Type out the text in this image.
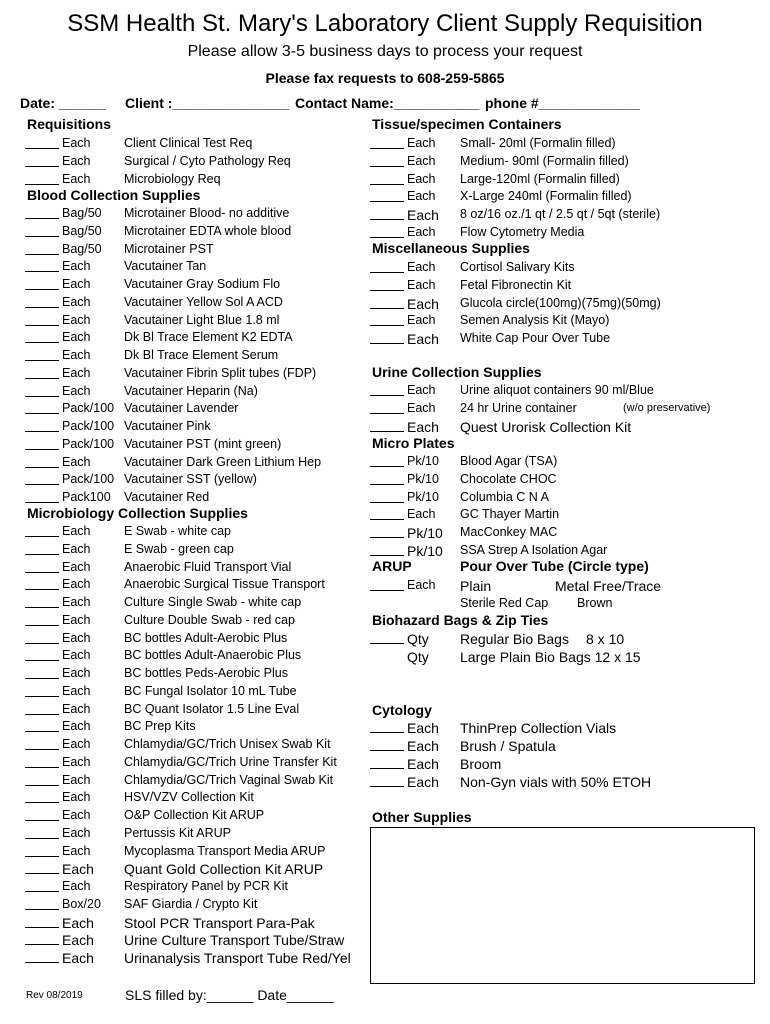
SSM Health St. Mary's Laboratory Client Supply Requisition
Please allow 3-5 business days to process your request
Please fax requests to 608-259-5865
Date: ______ Client :_______________ Contact Name:___________ phone #_____________
Requisitions
Each	Client Clinical Test Req
Each	Surgical / Cyto Pathology Req
Each	Microbiology Req
Blood Collection Supplies
Bag/50 Microtainer Blood- no additive
Bag/50 Microtainer EDTA whole blood
Bag/50 Microtainer PST
Each	Vacutainer Tan
Each	Vacutainer Gray Sodium Flo
Each	Vacutainer Yellow Sol A ACD
Each	Vacutainer Light Blue 1.8 ml
Each	Dk Bl Trace Element K2 EDTA
Each	Dk Bl Trace Element Serum
Each	Vacutainer Fibrin Split tubes (FDP)
Each	Vacutainer Heparin (Na)
Pack/100 Vacutainer Lavender
Pack/100 Vacutainer Pink
Pack/100 Vacutainer PST (mint green)
Each	Vacutainer Dark Green Lithium Hep
Pack/100 Vacutainer SST (yellow)
Pack100 Vacutainer Red
Microbiology Collection Supplies
Each	E Swab - white cap
Each	E Swab - green cap
Each	Anaerobic Fluid Transport Vial
Each	Anaerobic Surgical Tissue Transport
Each	Culture Single Swab - white cap
Each	Culture Double Swab - red cap
Each	BC bottles Adult-Aerobic Plus
Each	BC bottles Adult-Anaerobic Plus
Each	BC bottles Peds-Aerobic Plus
Each	BC Fungal Isolator 10 mL Tube
Each	BC Quant Isolator 1.5 Line Eval
Each	BC Prep Kits
Each	Chlamydia/GC/Trich Unisex Swab Kit
Each	Chlamydia/GC/Trich Urine Transfer Kit
Each	Chlamydia/GC/Trich Vaginal Swab Kit
Each	HSV/VZV Collection Kit
Each	O&P Collection Kit ARUP
Each	Pertussis Kit ARUP
Each	Mycoplasma Transport Media ARUP
Each Quant Gold Collection Kit ARUP
Each	Respiratory Panel by PCR Kit
Box/20 SAF Giardia / Crypto Kit
Each Stool PCR Transport Para-Pak
Each Urine Culture Transport Tube/Straw
Each Urinanalysis Transport Tube Red/Yel
Tissue/specimen Containers
Each Small- 20ml (Formalin filled)
Each Medium- 90ml (Formalin filled)
Each Large-120ml (Formalin filled)
Each X-Large 240ml (Formalin filled)
Each 8 oz/16 oz./1 qt / 2.5 qt / 5qt (sterile)
Each Flow Cytometry Media
Miscellaneous Supplies
Each Cortisol Salivary Kits
Each Fetal Fibronectin Kit
Each Glucola circle(100mg)(75mg)(50mg)
Each Semen Analysis Kit (Mayo)
Each White Cap Pour Over Tube
Urine Collection Supplies
Each Urine aliquot containers 90 ml/Blue
Each 24 hr Urine container	(w/o preservative)
Each Quest Urorisk Collection Kit
Micro Plates
Pk/10 Blood Agar (TSA)
Pk/10 Chocolate CHOC
Pk/10 Columbia C N A
Each GC Thayer Martin
Pk/10 MacConkey MAC
Pk/10 SSA Strep A Isolation Agar
ARUP	Pour Over Tube (Circle type)
Each Plain	Metal Free/Trace
Sterile Red Cap Brown
Biohazard Bags & Zip Ties
Qty Regular Bio Bags 8 x 10
Qty Large Plain Bio Bags 12 x 15
Cytology
Each ThinPrep Collection Vials
Each Brush / Spatula
Each Broom
Each Non-Gyn vials with 50% ETOH
Other Supplies
Rev 08/2019	SLS filled by:______ Date______
